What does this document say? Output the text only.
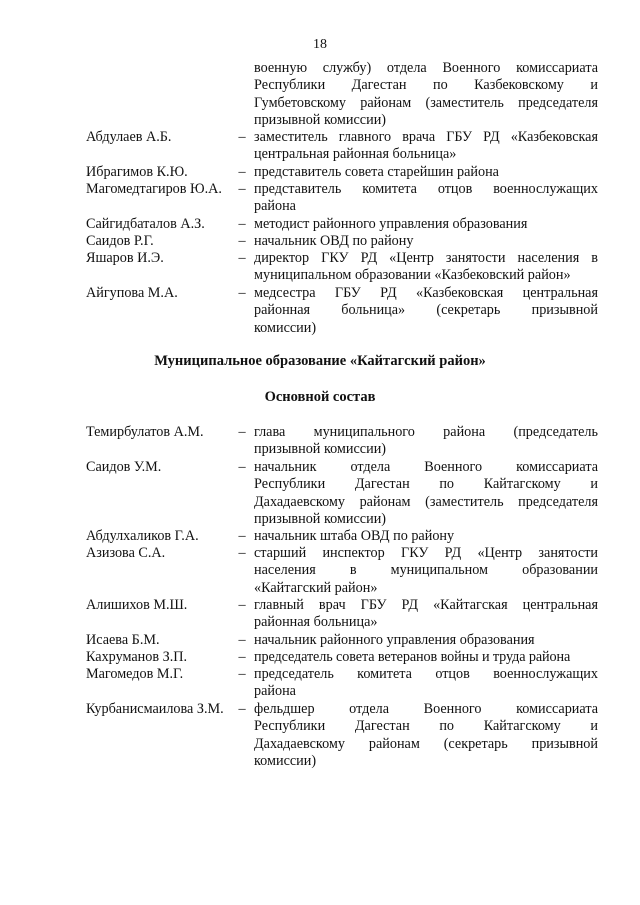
18
военную службу) отдела Военного комиссариата
Республики Дагестан по Казбековскому и
Гумбетовскому районам (заместитель председателя
призывной комиссии)
Абдулаев А.Б.	– заместитель главного врача ГБУ РД «Казбековская
центральная районная больница»
Ибрагимов К.Ю.	– представитель совета старейшин района
Магомедтагиров Ю.А.	– представитель комитета отцов военнослужащих
района
Сайгидбаталов А.З.	– методист районного управления образования
Саидов Р.Г.	– начальник ОВД по району
Яшаров И.Э.	– директор ГКУ РД «Центр занятости населения в
муниципальном образовании «Казбековский район»
Айгупова М.А.	– медсестра ГБУ РД «Казбековская центральная
районная больница» (секретарь призывной
комиссии)
Муниципальное образование «Кайтагский район»
Основной состав
Темирбулатов А.М.	– глава муниципального района (председатель
призывной комиссии)
Саидов У.М.	– начальник отдела Военного комиссариата
Республики Дагестан по Кайтагскому и
Дахадаевскому районам (заместитель председателя
призывной комиссии)
Абдулхаликов Г.А.	– начальник штаба ОВД по району
Азизова С.А.	– старший инспектор ГКУ РД «Центр занятости
населения в муниципальном образовании
«Кайтагский район»
Алишихов М.Ш.	– главный врач ГБУ РД «Кайтагская центральная
районная больница»
Исаева Б.М.	– начальник районного управления образования
Кахруманов З.П.	– председатель совета ветеранов войны и труда района
Магомедов М.Г.	– председатель комитета отцов военнослужащих
района
Курбанисмаилова З.М.	– фельдшер отдела Военного комиссариата
Республики Дагестан по Кайтагскому и
Дахадаевскому районам (секретарь призывной
комиссии)
